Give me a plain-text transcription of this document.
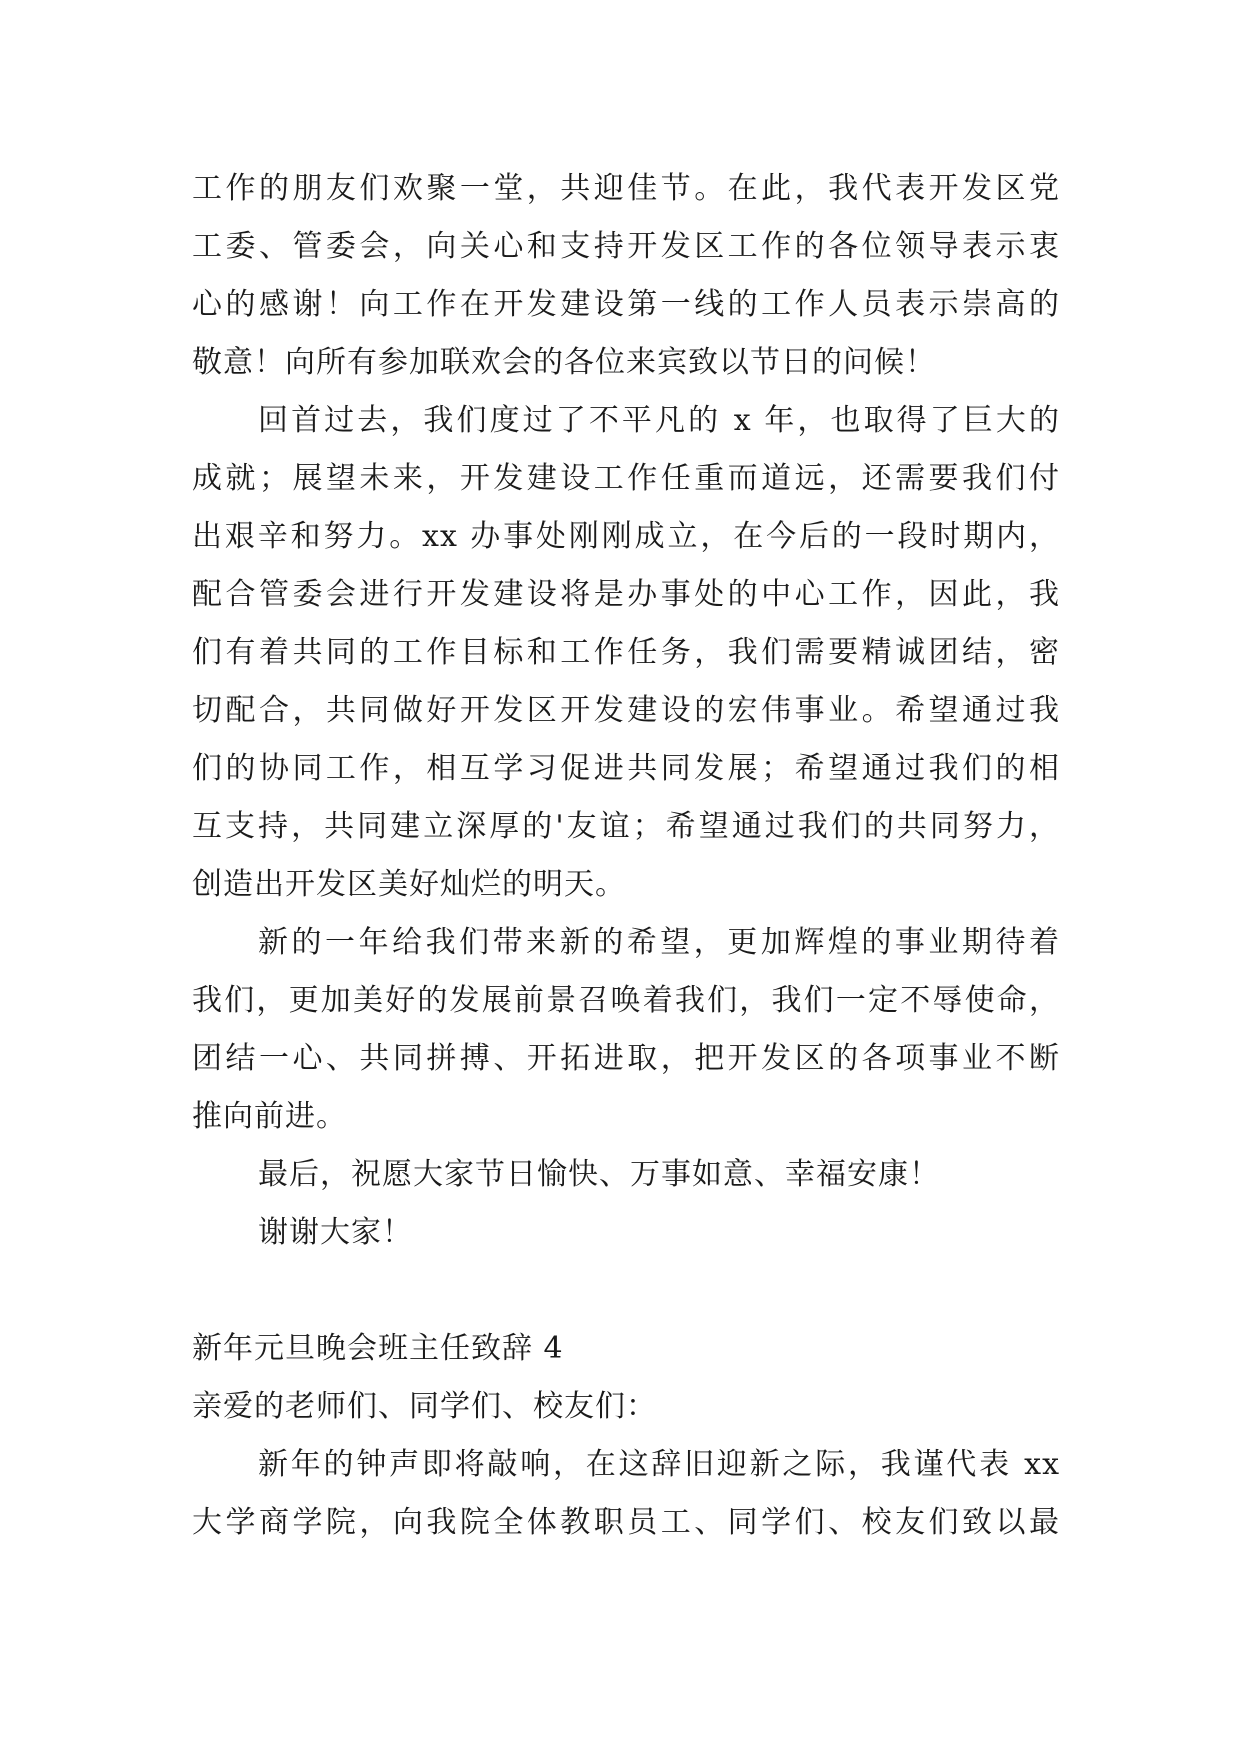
工作的朋友们欢聚一堂，共迎佳节。在此，我代表开发区党
工委、管委会，向关心和支持开发区工作的各位领导表示衷
心的感谢！向工作在开发建设第一线的工作人员表示崇高的
敬意！向所有参加联欢会的各位来宾致以节日的问候！
回首过去，我们度过了不平凡的 x 年，也取得了巨大的
成就；展望未来，开发建设工作任重而道远，还需要我们付
出艰辛和努力。xx 办事处刚刚成立，在今后的一段时期内，
配合管委会进行开发建设将是办事处的中心工作，因此，我
们有着共同的工作目标和工作任务，我们需要精诚团结，密
切配合，共同做好开发区开发建设的宏伟事业。希望通过我
们的协同工作，相互学习促进共同发展；希望通过我们的相
互支持，共同建立深厚的'友谊；希望通过我们的共同努力，
创造出开发区美好灿烂的明天。
新的一年给我们带来新的希望，更加辉煌的事业期待着
我们，更加美好的发展前景召唤着我们，我们一定不辱使命，
团结一心、共同拼搏、开拓进取，把开发区的各项事业不断
推向前进。
最后，祝愿大家节日愉快、万事如意、幸福安康！
谢谢大家！
新年元旦晚会班主任致辞 4
亲爱的老师们、同学们、校友们：
新年的钟声即将敲响，在这辞旧迎新之际，我谨代表 xx
大学商学院，向我院全体教职员工、同学们、校友们致以最
